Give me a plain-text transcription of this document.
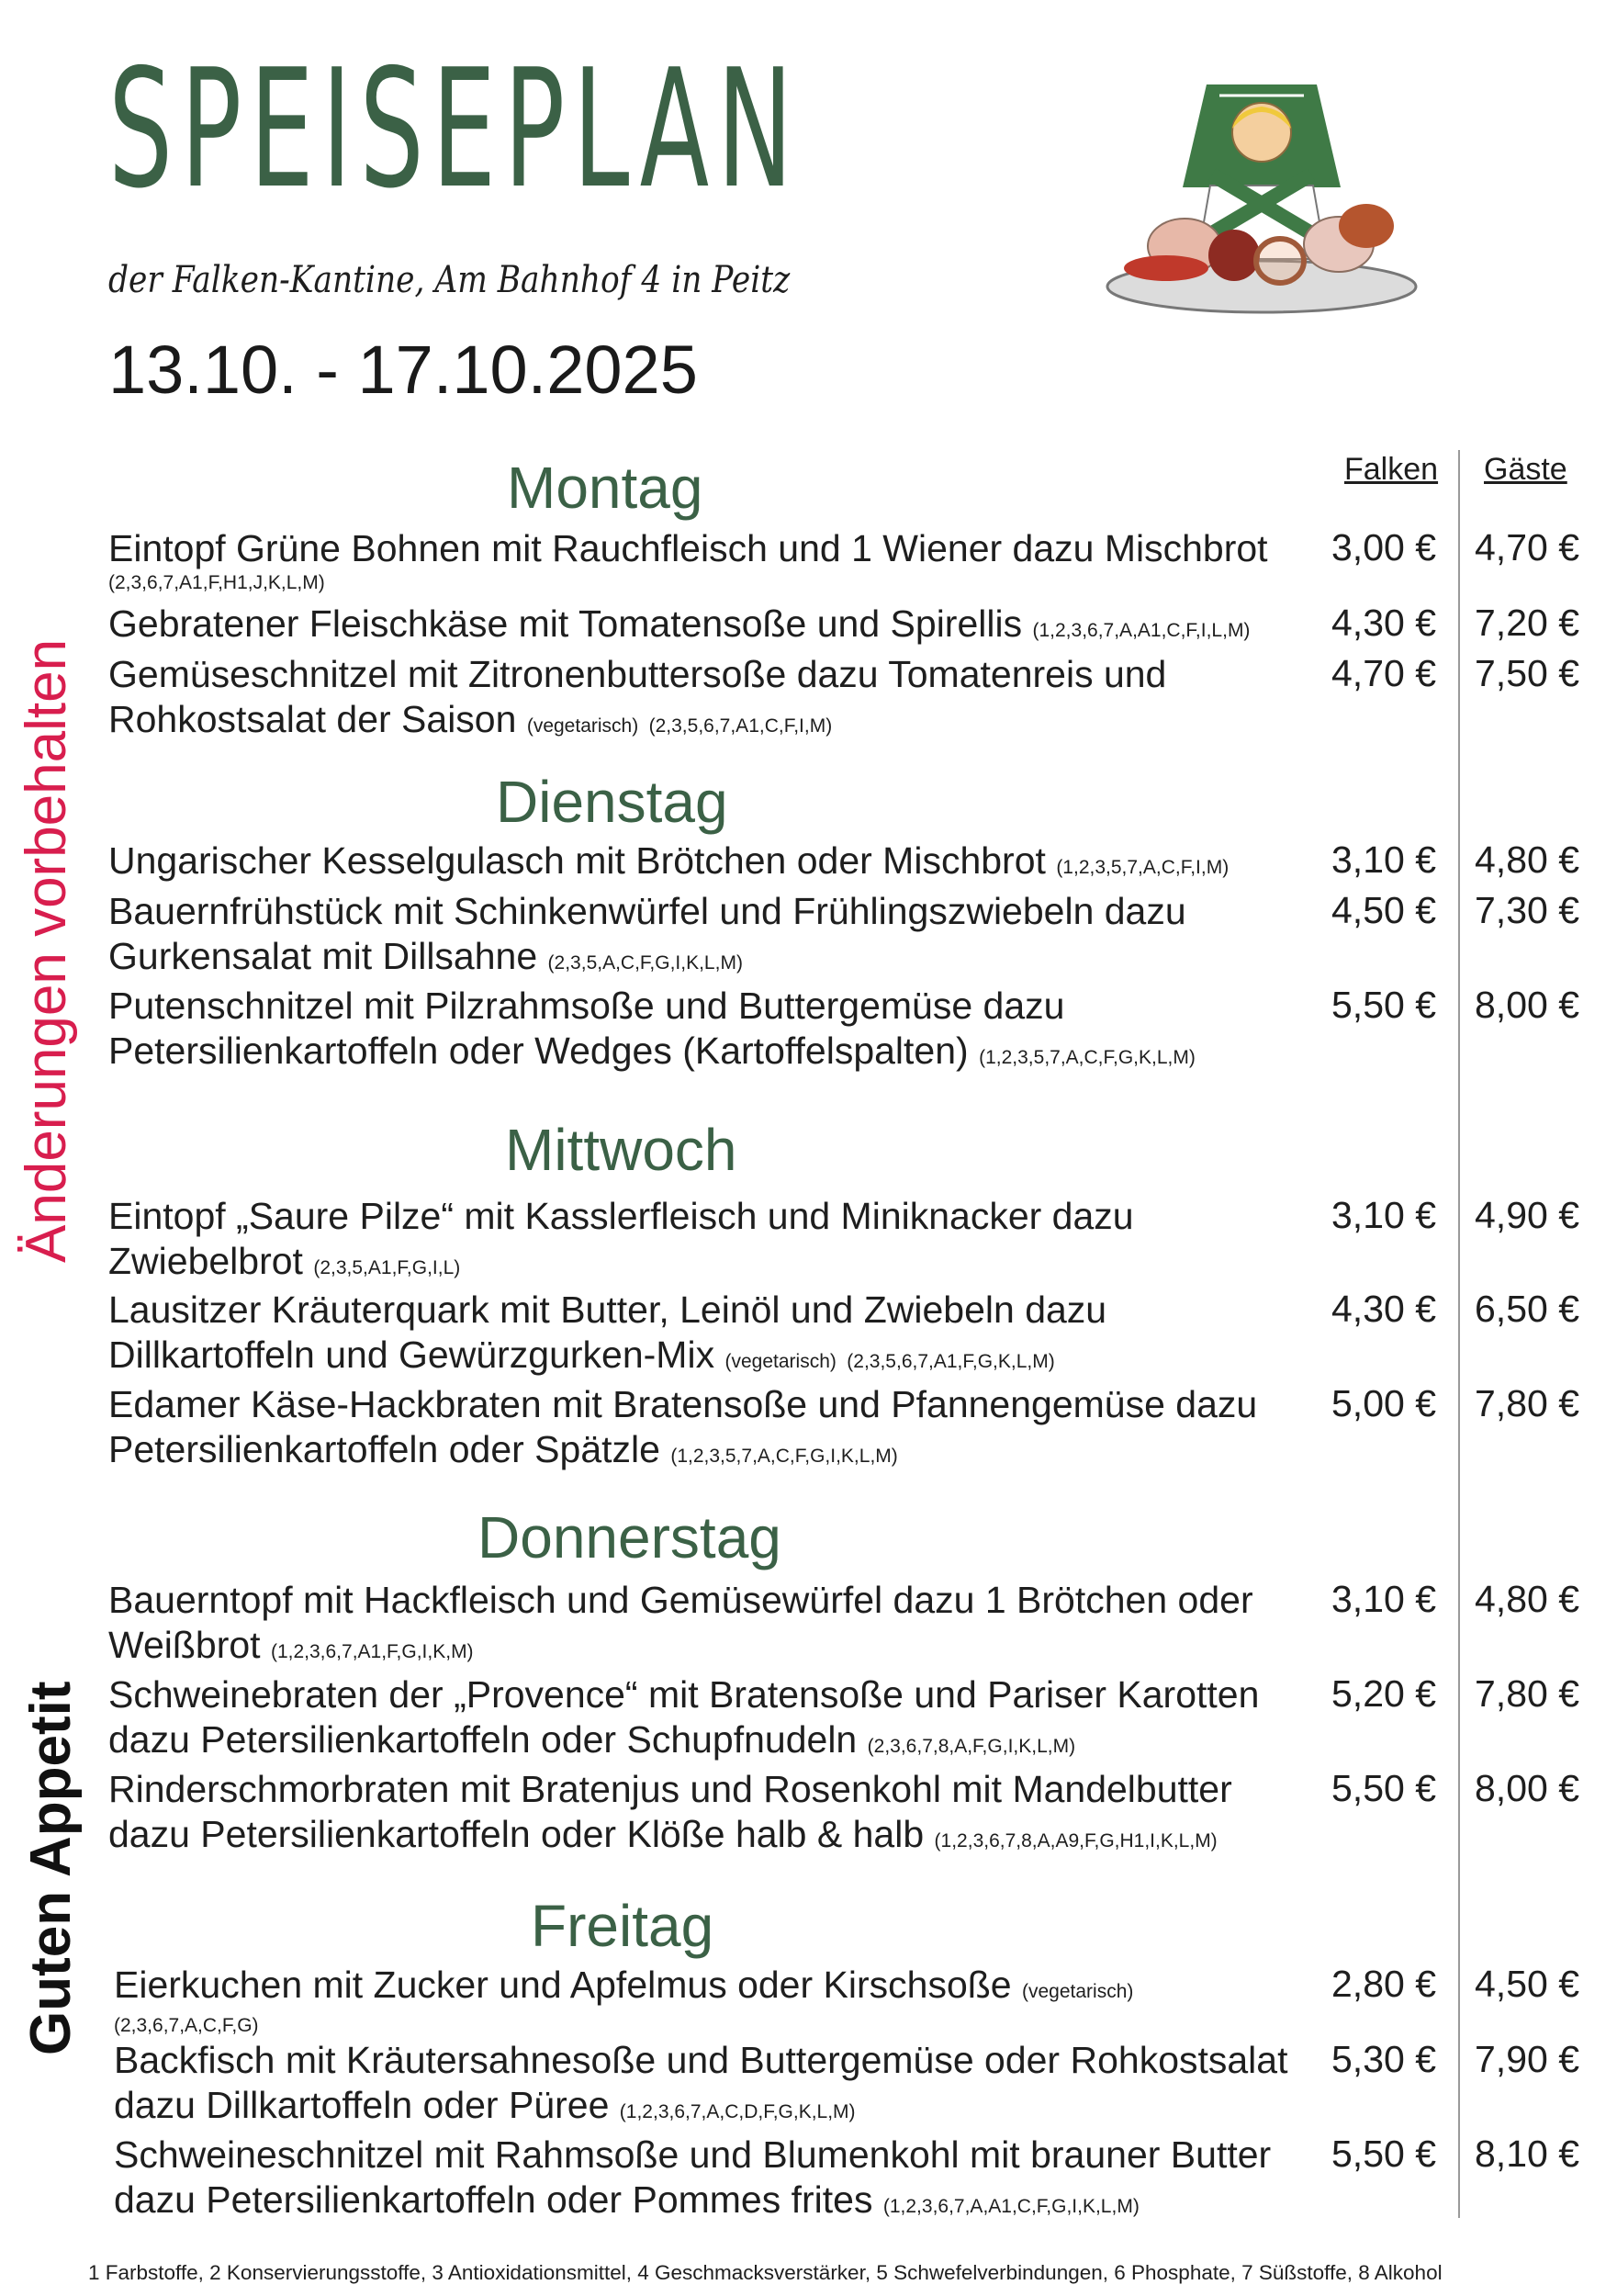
SPEISEPLAN
der Falken-Kantine, Am Bahnhof 4 in Peitz
13.10. - 17.10.2025
Falken Gäste
Änderungen vorbehalten
Guten Appetit
Montag
Eintopf Grüne Bohnen mit Rauchfleisch und 1 Wiener dazu Mischbrot
(2,3,6,7,A1,F,H1,J,K,L,M)
3,00 € 4,70 €
Gebratener Fleischkäse mit Tomatensoße und Spirellis (1,2,3,6,7,A,A1,C,F,I,L,M)	4,30 € 7,20 €
Gemüseschnitzel mit Zitronenbuttersoße dazu Tomatenreis und Rohkostsalat der Saison (vegetarisch) (2,3,5,6,7,A1,C,F,I,M)
4,70 € 7,50 €
Dienstag
Ungarischer Kesselgulasch mit Brötchen oder Mischbrot (1,2,3,5,7,A,C,F,I,M)	3,10 € 4,80 €
Bauernfrühstück mit Schinkenwürfel und Frühlingszwiebeln dazu Gurkensalat mit Dillsahne (2,3,5,A,C,F,G,I,K,L,M)
4,50 € 7,30 €
Putenschnitzel mit Pilzrahmsoße und Buttergemüse dazu Petersilienkartoffeln oder Wedges (Kartoffelspalten) (1,2,3,5,7,A,C,F,G,K,L,M)
5,50 € 8,00 €
Mittwoch
Eintopf „Saure Pilze“ mit Kasslerfleisch und Miniknacker dazu Zwiebelbrot (2,3,5,A1,F,G,I,L)
3,10 € 4,90 €
Lausitzer Kräuterquark mit Butter, Leinöl und Zwiebeln dazu Dillkartoffeln und Gewürzgurken-Mix (vegetarisch) (2,3,5,6,7,A1,F,G,K,L,M)
4,30 € 6,50 €
Edamer Käse-Hackbraten mit Bratensoße und Pfannengemüse dazu Petersilienkartoffeln oder Spätzle (1,2,3,5,7,A,C,F,G,I,K,L,M)
5,00 € 7,80 €
Donnerstag
Bauerntopf mit Hackfleisch und Gemüsewürfel dazu 1 Brötchen oder Weißbrot (1,2,3,6,7,A1,F,G,I,K,M)
3,10 € 4,80 €
Schweinebraten der „Provence“ mit Bratensoße und Pariser Karotten dazu Petersilienkartoffeln oder Schupfnudeln (2,3,6,7,8,A,F,G,I,K,L,M)
5,20 € 7,80 €
Rinderschmorbraten mit Bratenjus und Rosenkohl mit Mandelbutter dazu Petersilienkartoffeln oder Klöße halb & halb (1,2,3,6,7,8,A,A9,F,G,H1,I,K,L,M)
5,50 € 8,00 €
Freitag
Eierkuchen mit Zucker und Apfelmus oder Kirschsoße (vegetarisch)
(2,3,6,7,A,C,F,G)
2,80 € 4,50 €
Backfisch mit Kräutersahnesoße und Buttergemüse oder Rohkostsalat dazu Dillkartoffeln oder Püree (1,2,3,6,7,A,C,D,F,G,K,L,M)
5,30 € 7,90 €
Schweineschnitzel mit Rahmsoße und Blumenkohl mit brauner Butter dazu Petersilienkartoffeln oder Pommes frites (1,2,3,6,7,A,A1,C,F,G,I,K,L,M)
5,50 € 8,10 €
1 Farbstoffe, 2 Konservierungsstoffe, 3 Antioxidationsmittel, 4 Geschmacksverstärker, 5 Schwefelverbindungen, 6 Phosphate, 7 Süßstoffe, 8 Alkohol
